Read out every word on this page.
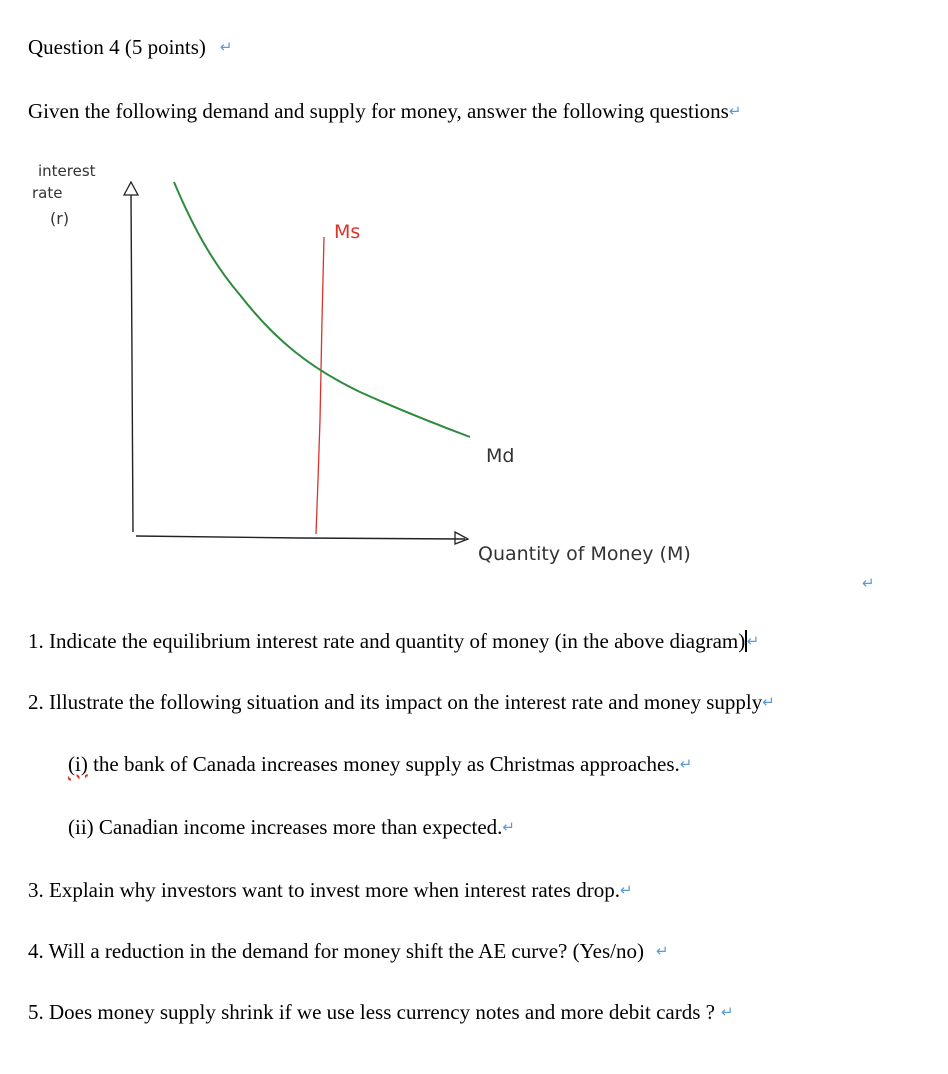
Question 4 (5 points) ↵
Given the following demand and supply for money, answer the following questions↵
interest
rate
(r)
Quantity of Money (M)
Ms
Md
↵
1. Indicate the equilibrium interest rate and quantity of money (in the above diagram) ↵
2. Illustrate the following situation and its impact on the interest rate and money supply↵
(i) the bank of Canada increases money supply as Christmas approaches.↵
(ii) Canadian income increases more than expected.↵
3. Explain why investors want to invest more when interest rates drop.↵
4. Will a reduction in the demand for money shift the AE curve? (Yes/no) ↵
5. Does money supply shrink if we use less currency notes and more debit cards ? ↵
